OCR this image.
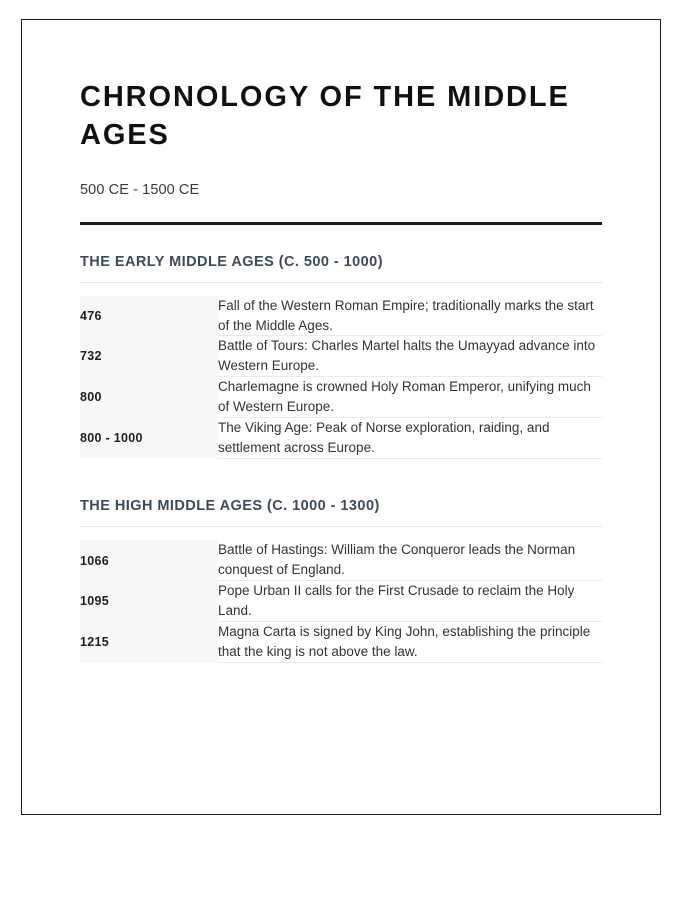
CHRONOLOGY OF THE MIDDLE AGES
500 CE - 1500 CE
THE EARLY MIDDLE AGES (C. 500 - 1000)
476	Fall of the Western Roman Empire; traditionally marks the start of the Middle Ages.
732	Battle of Tours: Charles Martel halts the Umayyad advance into Western Europe.
800	Charlemagne is crowned Holy Roman Emperor, unifying much of Western Europe.
800 - 1000	The Viking Age: Peak of Norse exploration, raiding, and settlement across Europe.
THE HIGH MIDDLE AGES (C. 1000 - 1300)
1066	Battle of Hastings: William the Conqueror leads the Norman conquest of England.
1095	Pope Urban II calls for the First Crusade to reclaim the Holy Land.
1215	Magna Carta is signed by King John, establishing the principle that the king is not above the law.
